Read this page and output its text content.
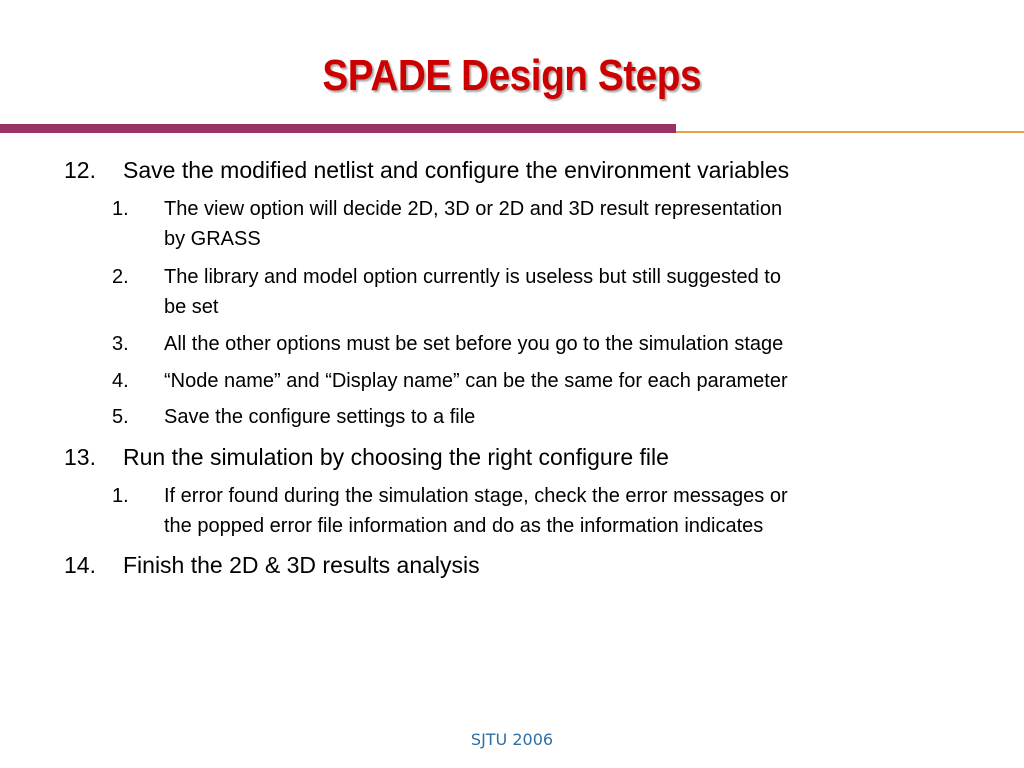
SPADE Design Steps
12. Save the modified netlist and configure the environment variables
1. The view option will decide 2D, 3D or 2D and 3D result representation
by GRASS
2. The library and model option currently is useless but still suggested to
be set
3. All the other options must be set before you go to the simulation stage
4. “Node name” and “Display name” can be the same for each parameter
5. Save the configure settings to a file
13. Run the simulation by choosing the right configure file
1. If error found during the simulation stage, check the error messages or
the popped error file information and do as the information indicates
14. Finish the 2D & 3D results analysis
SJTU 2006
